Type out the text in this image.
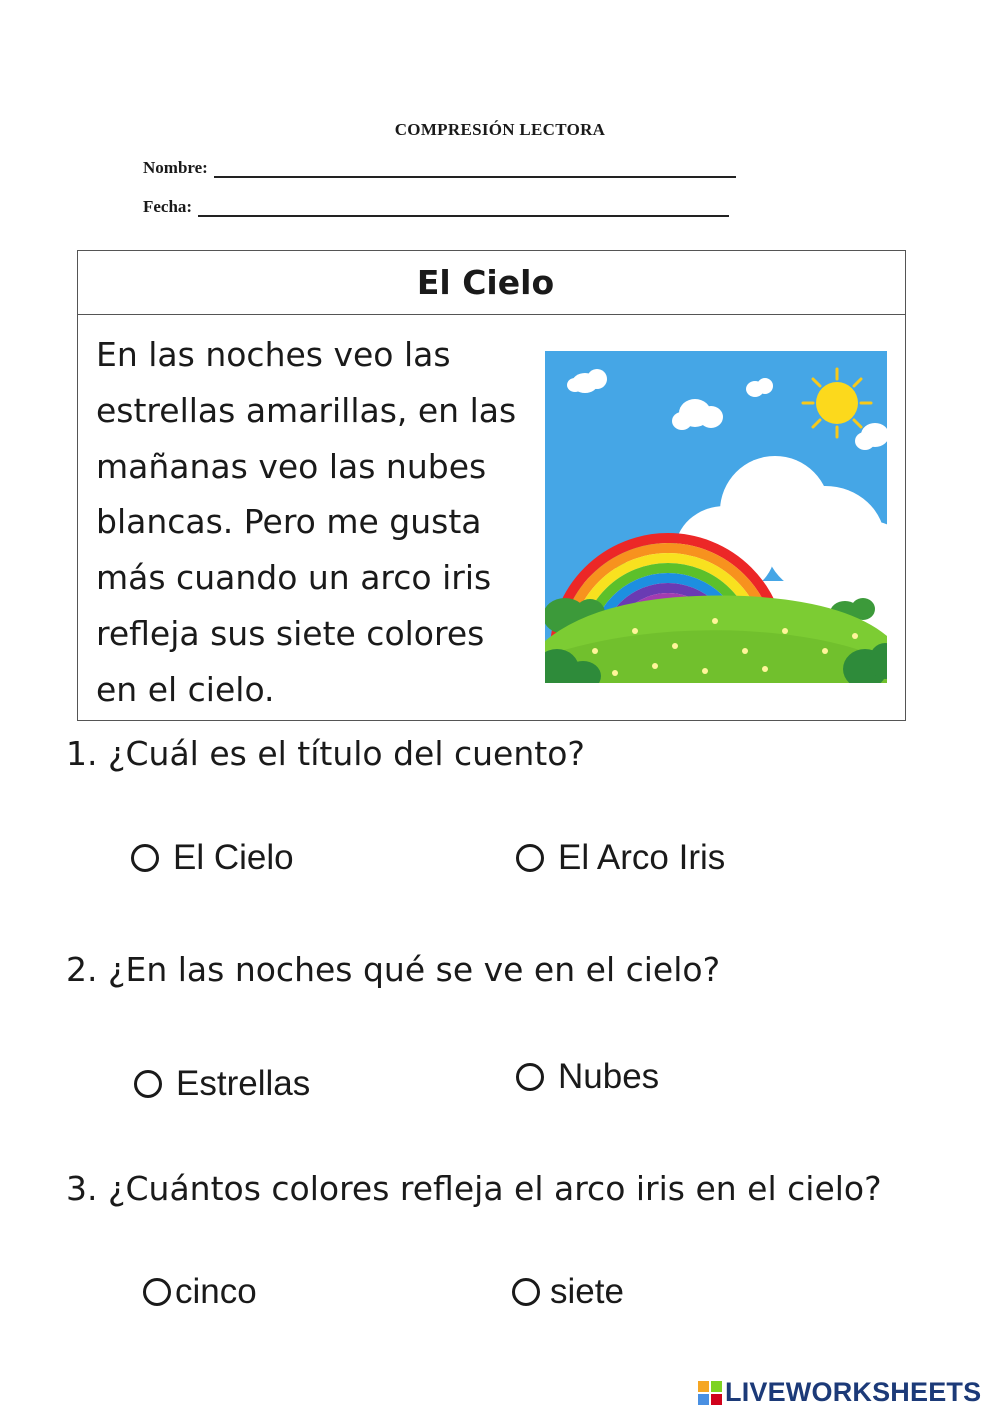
COMPRESIÓN LECTORA
Nombre:
Fecha:
El Cielo

En las noches veo las estrellas amarillas, en las mañanas veo las nubes blancas. Pero me gusta más cuando un arco iris refleja sus siete colores en el cielo.

1. ¿Cuál es el título del cuento?

El Cielo	El Arco Iris

2. ¿En las noches qué se ve en el cielo?

Estrellas	Nubes

3. ¿Cuántos colores refleja el arco iris en el cielo?

cinco	siete
LIVEWORKSHEETS
